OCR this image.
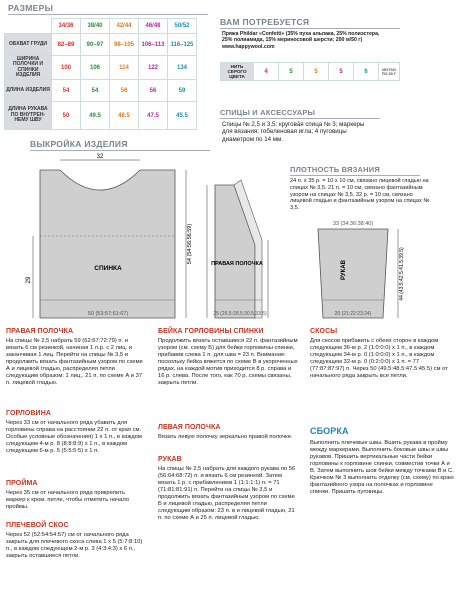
РАЗМЕРЫ
	34/36	38/40	42/44	46/48	50/52
ОБХВАТ ГРУДИ	82–89	90–97	98–105	106–113	116–125
ШИРИНА ПОЛОЧКИ И СПИНКИ ИЗДЕЛИЯ	100	106	114	122	134
ДЛИНА ИЗДЕЛИЯ	54	54	56	56	59
ДЛИНА РУКАВА ПО ВНУТРЕН-НЕМУ ШВУ	50	49.5	48.5	47.5	45.5
ВАМ ПОТРЕБУЕТСЯ
Пряжа Phildar «Confetti» (35% пуха альпака, 25% полиэстера, 25% полиамида, 15% мериносовой шерсти; 200 м/50 г) www.happywool.com
НИТЬ СЕРОГО ЦВЕТА	4	5	5	5	6	МОТКИ ПО 50 Г
СПИЦЫ И АКСЕССУАРЫ
Спицы № 2,5 и 3,5; кругова́я спица № 3; маркеры для вязания; гобеленовая игла; 4 пуговицы диаметром по 14 мм.
ВЫКРОЙКА ИЗДЕЛИЯ
ПЛОТНОСТЬ ВЯЗАНИЯ
24 п. x 35 р. = 10 x 10 см, связано лицевой гладью на спицах № 3,5. 21 п. = 10 см, связано фантазийным узором на спицах № 3,5. 32 р. = 10 см, связано лицевой гладью и фантазийным узором на спицах № 3,5.
32
СПИНКА
50 (53:57:61:67)
29
54 (54:56:56:59)	ПРАВАЯ ПОЛОЧКА
25 (26.5:28.5:30.5:33.5)
33 (34:36:38:40)
РУКАВ
20 (21:22:23:24)
44 (43.5:42.5:41.5:39.5)
ПРАВАЯ ПОЛОЧКА
На спицы № 2,5 набрать 59 (62:67:72:79) п. и вязать 6 см резинкой, начиная 1 л.р. с 2 лиц. и заканчивая 1 лиц. Перейти на спицы № 3,5 и продолжить вязать фантазийным узором по схеме А и лицевой гладью, распределяя петли следующим образом: 1 лиц., 21 п. по схеме А и 37 п. лицевой гладью.
ГОРЛОВИНА
Через 33 см от начального ряда убавить для горловины справа на расстоянии 22 п. от края см. Особые условные обозначения) 1 x 1 п., в каждом следующем 4-м р. 8 (8:8:8:9) x 1 п., в каждом следующем 6-м р. 5 (5:5:5:5) x 1 п.
ПРОЙМА
Через 35 см от начального ряда прикрепить маркер к кром. петле, чтобы отметить начало проймы.
ПЛЕЧЕВОЙ СКОС
Через 52 (52:54:54:57) см от начального ряда закрыть для плечевого скоса слева 1 x 5 (5:7:8:10) п., в каждом следующем 2-м р. 3 (4:3:4:3) x 6 п., закрыть оставшиеся петли.
БЕЙКА ГОРЛОВИНЫ СПИНКИ
Продолжить вязать оставшиеся 22 п. фантазийным узором (см. схему Б) для бейки горловины спинки, прибавив слева 1 п. для шва = 23 п. Внимание: поскольку бейка вяжется по схеме В в укороченных рядах, на каждой мотив приходится 8 р. справа и 16 р. слева. После того, как 70 р. схемы связаны, закрыть петли.
ЛЕВАЯ ПОЛОЧКА
Вязать левую полочку зеркально правой полочке.
РУКАВ
На спицы № 2,5 набрать для каждого рукава по 56 (56:64:68:72) п. и вязать 6 см резинкой. Затем вязать 1 р. с прибавлением 1 (1:1:1:1) п. = 71 (71:81:81:91) п. Перейти на спицы № 3,5 и продолжить вязать фантазийным узором по схеме Б и лицевой гладью, распределяя петли следующим образом: 23 п. в и лицевой гладью, 21 п. по схеме А и 25 п. лицевой гладью.
СКОСЫ
Для скосов прибавить с обеих сторон в каждом следующем 36-м р. 2 (1:0:0:0) x 1 п., в каждом следующем 34-м р. 0 (1:0:0:0) x 1 п., в каждом следующем 32-м р. 0 (0:2:0:0) x 1 п. = 77 (77:87:87:97) п. Через 50 (49.5:48.5:47.5:45.5) см от начального ряда закрыть все петли.
СБОРКА
Выполнить плечевые швы. Вшить рукава в пройму между маркерами. Выполнить боковые швы и швы рукавов. Пришить вертикальные части бейки горловины к горловине спинки, совместив точки А и В. Затем выполнить шов бейки между точками В и С. Крючком № 3 выполнить отделку (см. схему) по краю фантазийного узора на полочках и горловине спинки. Пришить пуговицы.
